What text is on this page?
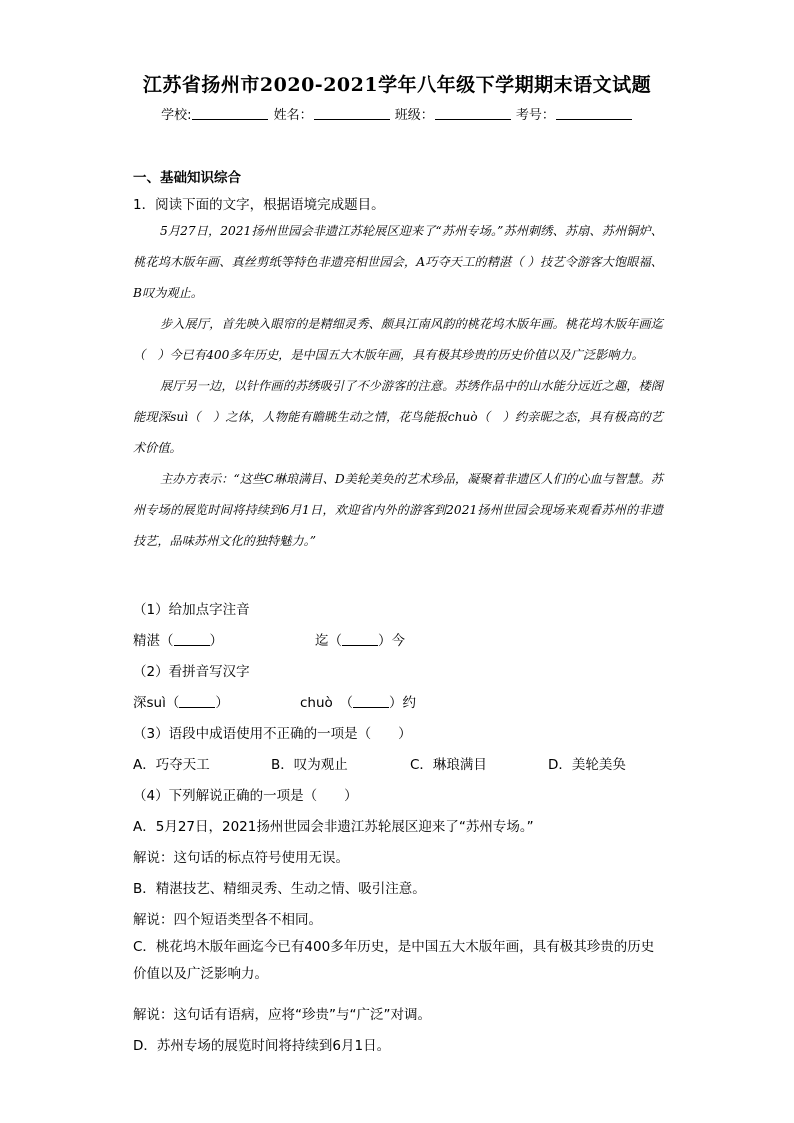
江苏省扬州市2020-2021学年八年级下学期期末语文试题
学校:	姓名：	班级：	考号：
一、基础知识综合
1．阅读下面的文字，根据语境完成题目。

5月27日，2021扬州世园会非遗江苏轮展区迎来了“苏州专场。”苏州刺绣、苏扇、苏州铜炉、桃花坞木版年画、真丝剪纸等特色非遗亮相世园会，A巧夺天工的精湛（ ）技艺令游客大饱眼福、B叹为观止。

步入展厅，首先映入眼帘的是精细灵秀、颇具江南风韵的桃花坞木版年画。桃花坞木版年画迄（　）今已有400多年历史，是中国五大木版年画，具有极其珍贵的历史价值以及广泛影响力。

展厅另一边，以针作画的苏绣吸引了不少游客的注意。苏绣作品中的山水能分远近之趣，楼阁能现深suì（　）之体，人物能有瞻眺生动之情，花鸟能报chuò（　）约亲昵之态，具有极高的艺术价值。

主办方表示：“这些C琳琅满目、D美轮美奂的艺术珍品，凝聚着非遗区人们的心血与智慧。苏州专场的展览时间将持续到6月1日，欢迎省内外的游客到2021扬州世园会现场来观看苏州的非遗技艺，品味苏州文化的独特魅力。”

（1）给加点字注音
精湛（	）	迄（	）今
（2）看拼音写汉字
深suì（	）	chuò　（	）约
（3）语段中成语使用不正确的一项是（　　）
A．巧夺天工	B．叹为观止	C．琳琅满目	D．美轮美奂
（4）下列解说正确的一项是（　　）
A．5月27日，2021扬州世园会非遗江苏轮展区迎来了“苏州专场。”
解说：这句话的标点符号使用无误。
B．精湛技艺、精细灵秀、生动之情、吸引注意。
解说：四个短语类型各不相同。
C．桃花坞木版年画迄今已有400多年历史，是中国五大木版年画，具有极其珍贵的历史价值以及广泛影响力。
解说：这句话有语病，应将“珍贵”与“广泛”对调。
D．苏州专场的展览时间将持续到6月1日。
